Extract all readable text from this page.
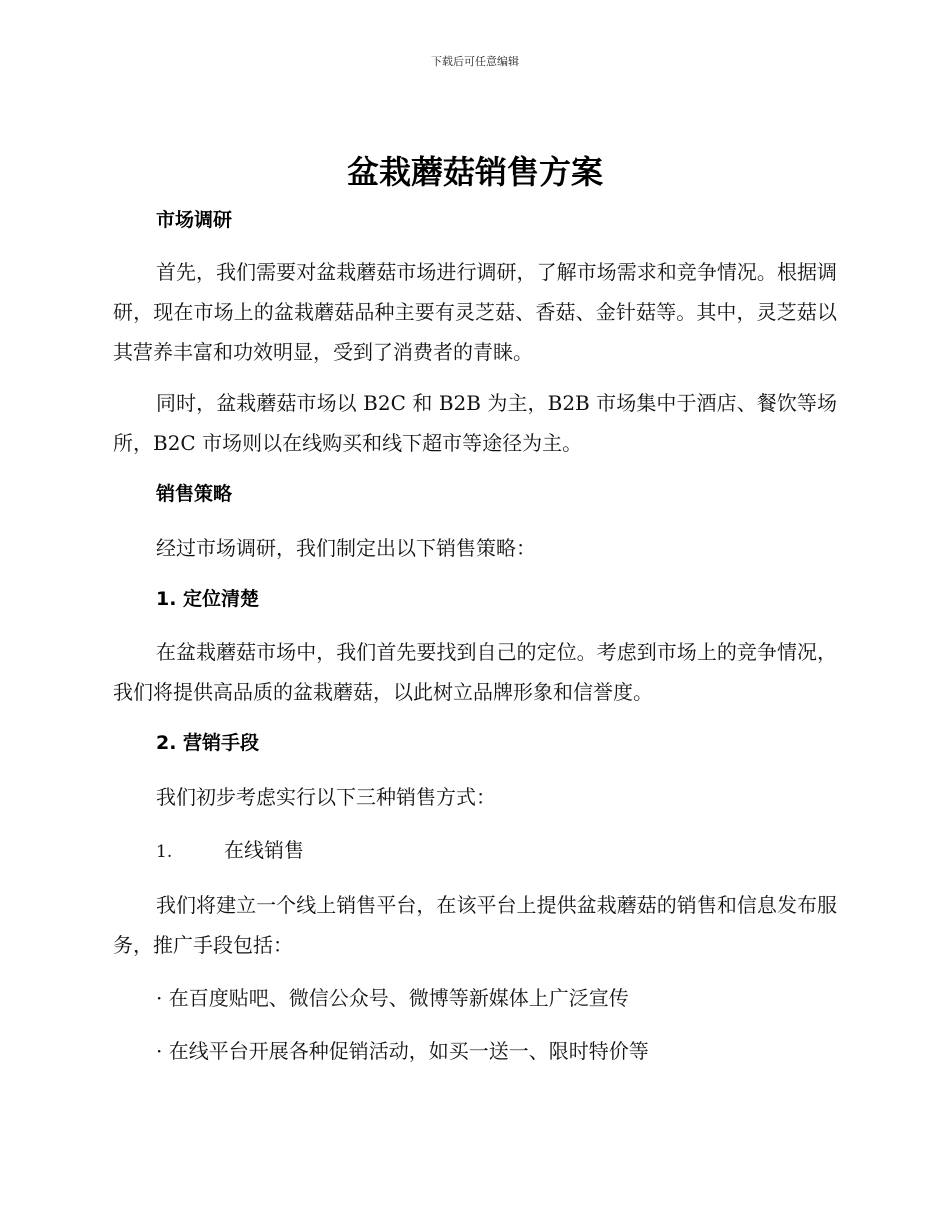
下载后可任意编辑
盆栽蘑菇销售方案
市场调研

首先，我们需要对盆栽蘑菇市场进行调研，了解市场需求和竞争情况。根据调研，现在市场上的盆栽蘑菇品种主要有灵芝菇、香菇、金针菇等。其中，灵芝菇以其营养丰富和功效明显，受到了消费者的青睐。

同时，盆栽蘑菇市场以 B2C 和 B2B 为主，B2B 市场集中于酒店、餐饮等场所，B2C 市场则以在线购买和线下超市等途径为主。

销售策略

经过市场调研，我们制定出以下销售策略：

1. 定位清楚

在盆栽蘑菇市场中，我们首先要找到自己的定位。考虑到市场上的竞争情况，我们将提供高品质的盆栽蘑菇，以此树立品牌形象和信誉度。

2. 营销手段

我们初步考虑实行以下三种销售方式：

1.	在线销售

我们将建立一个线上销售平台，在该平台上提供盆栽蘑菇的销售和信息发布服务，推广手段包括：

· 在百度贴吧、微信公众号、微博等新媒体上广泛宣传
· 在线平台开展各种促销活动，如买一送一、限时特价等
